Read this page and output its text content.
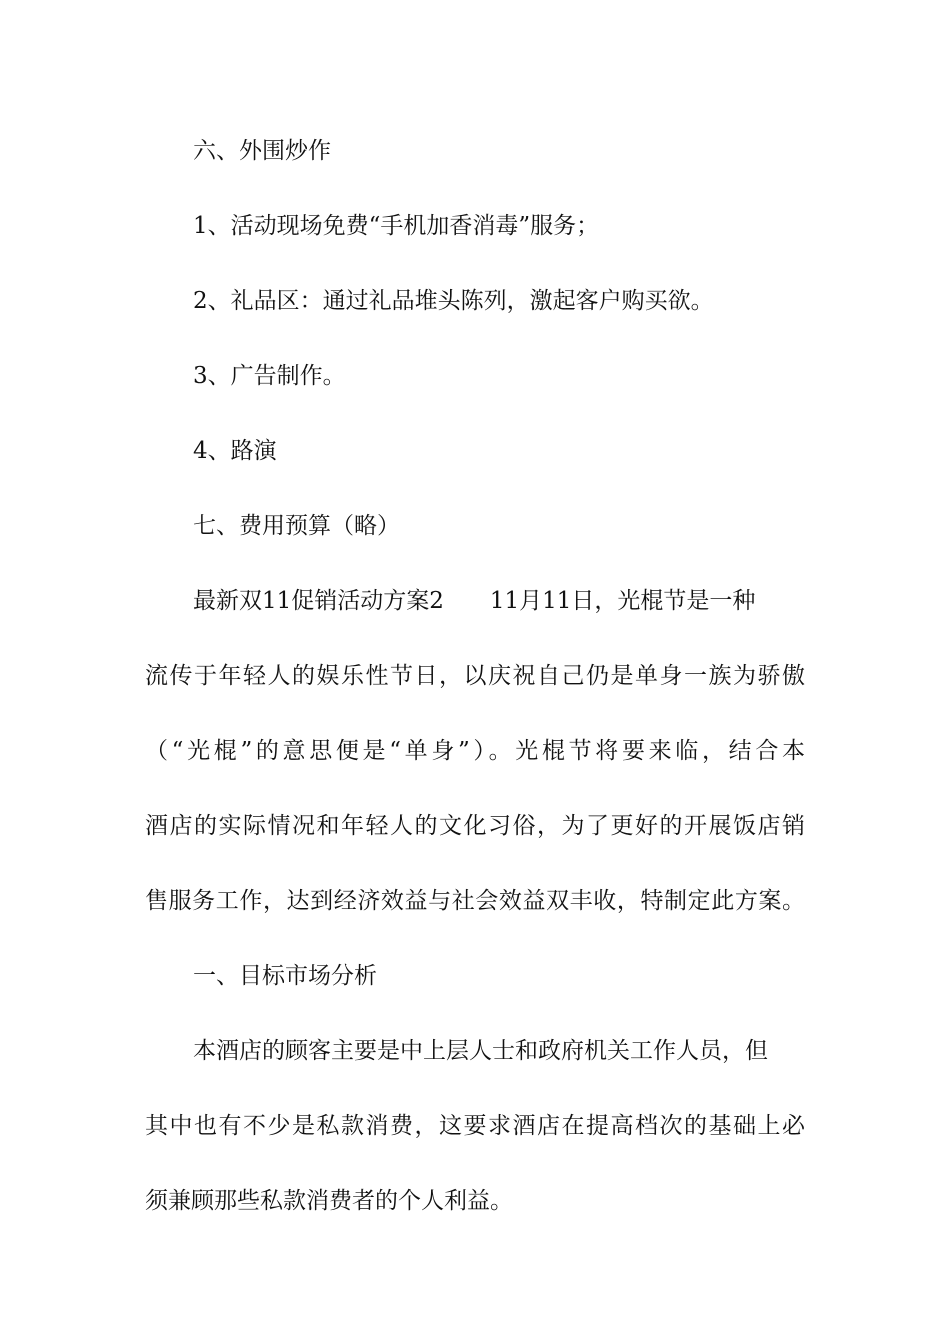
六、外围炒作

1、活动现场免费“手机加香消毒”服务；

2、礼品区：通过礼品堆头陈列，激起客户购买欲。

3、广告制作。

4、路演

七、费用预算（略）

最新双11促销活动方案2　　11月11日，光棍节是一种

流传于年轻人的娱乐性节日，以庆祝自己仍是单身一族为骄傲

（“光棍”的意思便是“单身”）。光棍节将要来临，结合本

酒店的实际情况和年轻人的文化习俗，为了更好的开展饭店销

售服务工作，达到经济效益与社会效益双丰收，特制定此方案。

一、目标市场分析

本酒店的顾客主要是中上层人士和政府机关工作人员，但

其中也有不少是私款消费，这要求酒店在提高档次的基础上必

须兼顾那些私款消费者的个人利益。
